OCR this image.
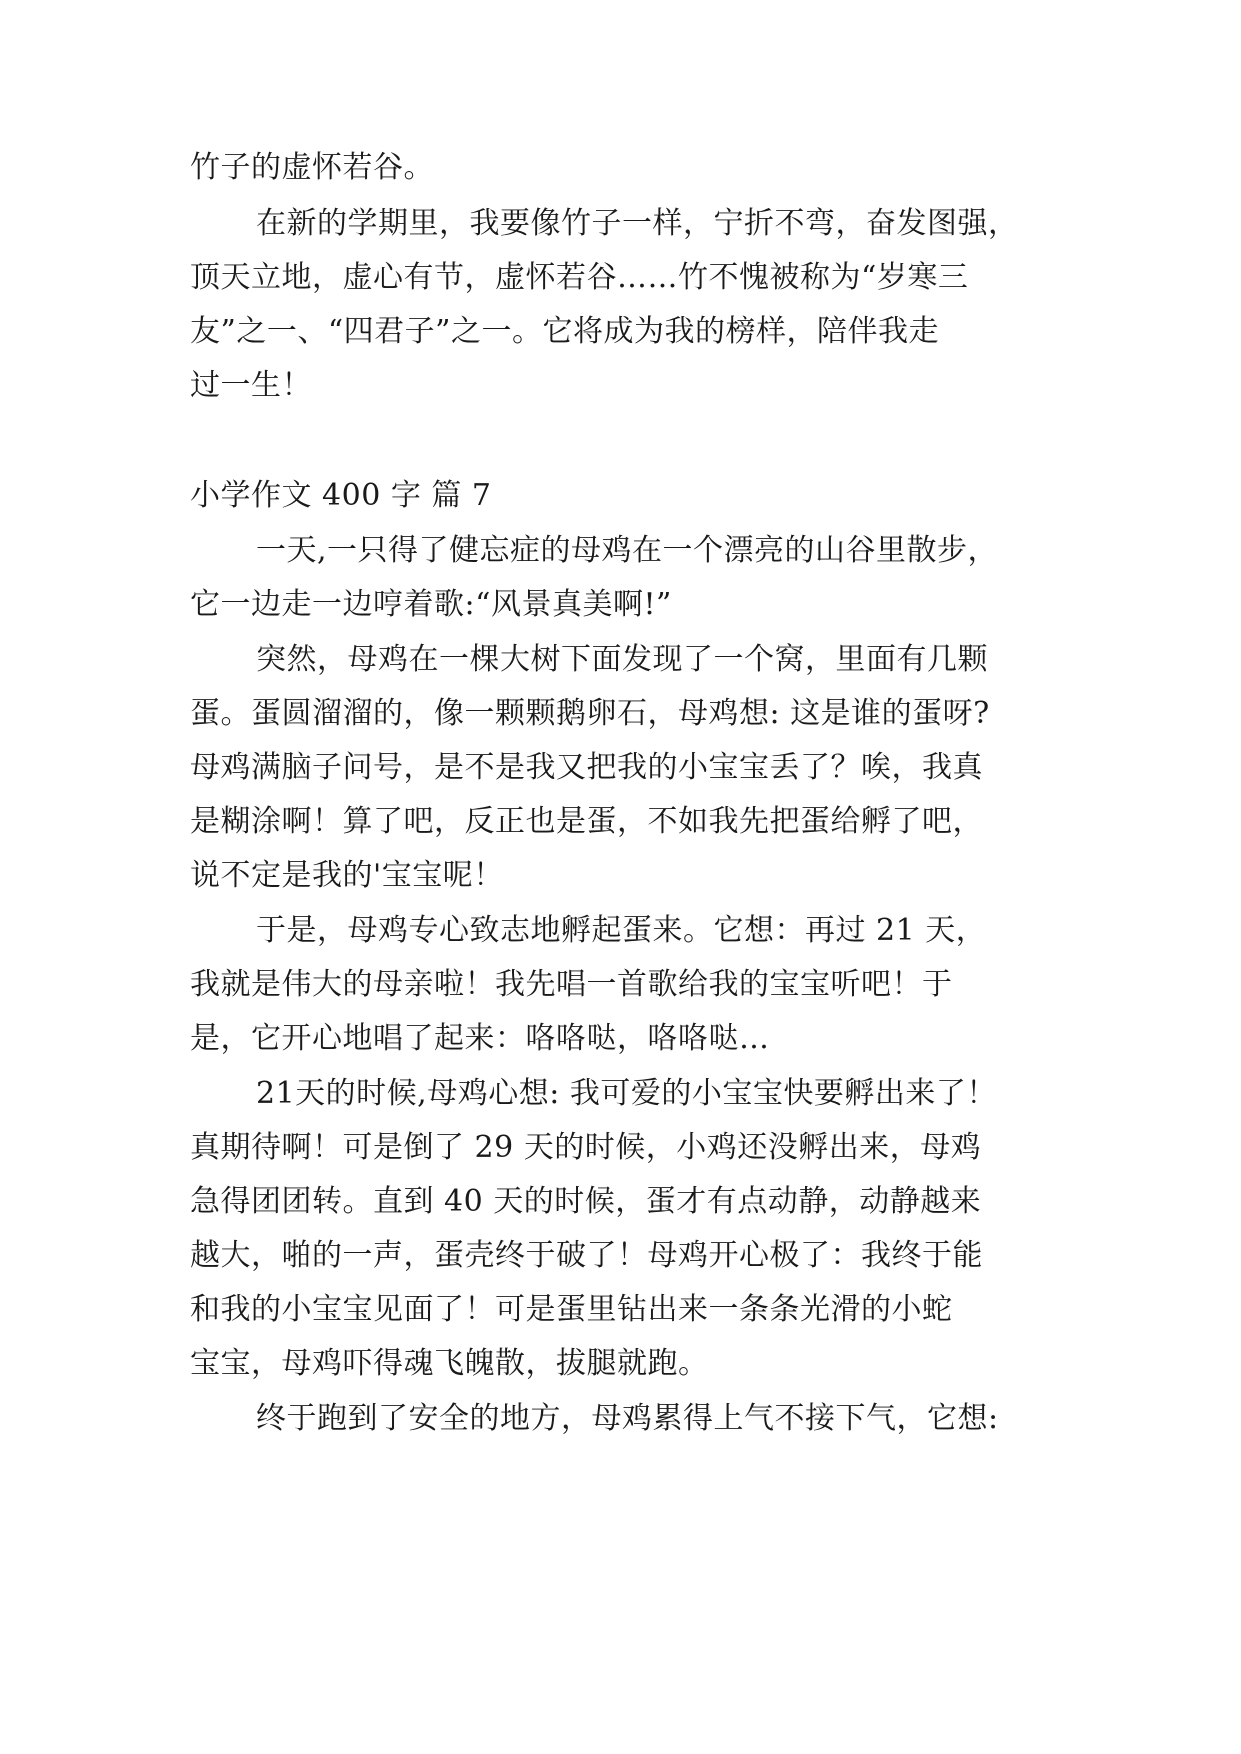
竹子的虚怀若谷。
在新的学期里，我要像竹子一样，宁折不弯，奋发图强，
顶天立地，虚心有节，虚怀若谷……竹不愧被称为“岁寒三
友”之一、“四君子”之一。它将成为我的榜样，陪伴我走
过一生！
小学作文 400 字 篇 7
一天,一只得了健忘症的母鸡在一个漂亮的山谷里散步，
它一边走一边哼着歌:“风景真美啊!”
突然，母鸡在一棵大树下面发现了一个窝，里面有几颗
蛋。蛋圆溜溜的，像一颗颗鹅卵石，母鸡想: 这是谁的蛋呀?
母鸡满脑子问号，是不是我又把我的小宝宝丢了？唉，我真
是糊涂啊！算了吧，反正也是蛋，不如我先把蛋给孵了吧，
说不定是我的'宝宝呢！
于是，母鸡专心致志地孵起蛋来。它想：再过 21 天，
我就是伟大的母亲啦！我先唱一首歌给我的宝宝听吧！于
是，它开心地唱了起来：咯咯哒，咯咯哒…
21天的时候,母鸡心想: 我可爱的小宝宝快要孵出来了！
真期待啊！可是倒了 29 天的时候，小鸡还没孵出来，母鸡
急得团团转。直到 40 天的时候，蛋才有点动静，动静越来
越大，啪的一声，蛋壳终于破了！母鸡开心极了：我终于能
和我的小宝宝见面了！可是蛋里钻出来一条条光滑的小蛇
宝宝，母鸡吓得魂飞魄散，拔腿就跑。
终于跑到了安全的地方，母鸡累得上气不接下气，它想:
